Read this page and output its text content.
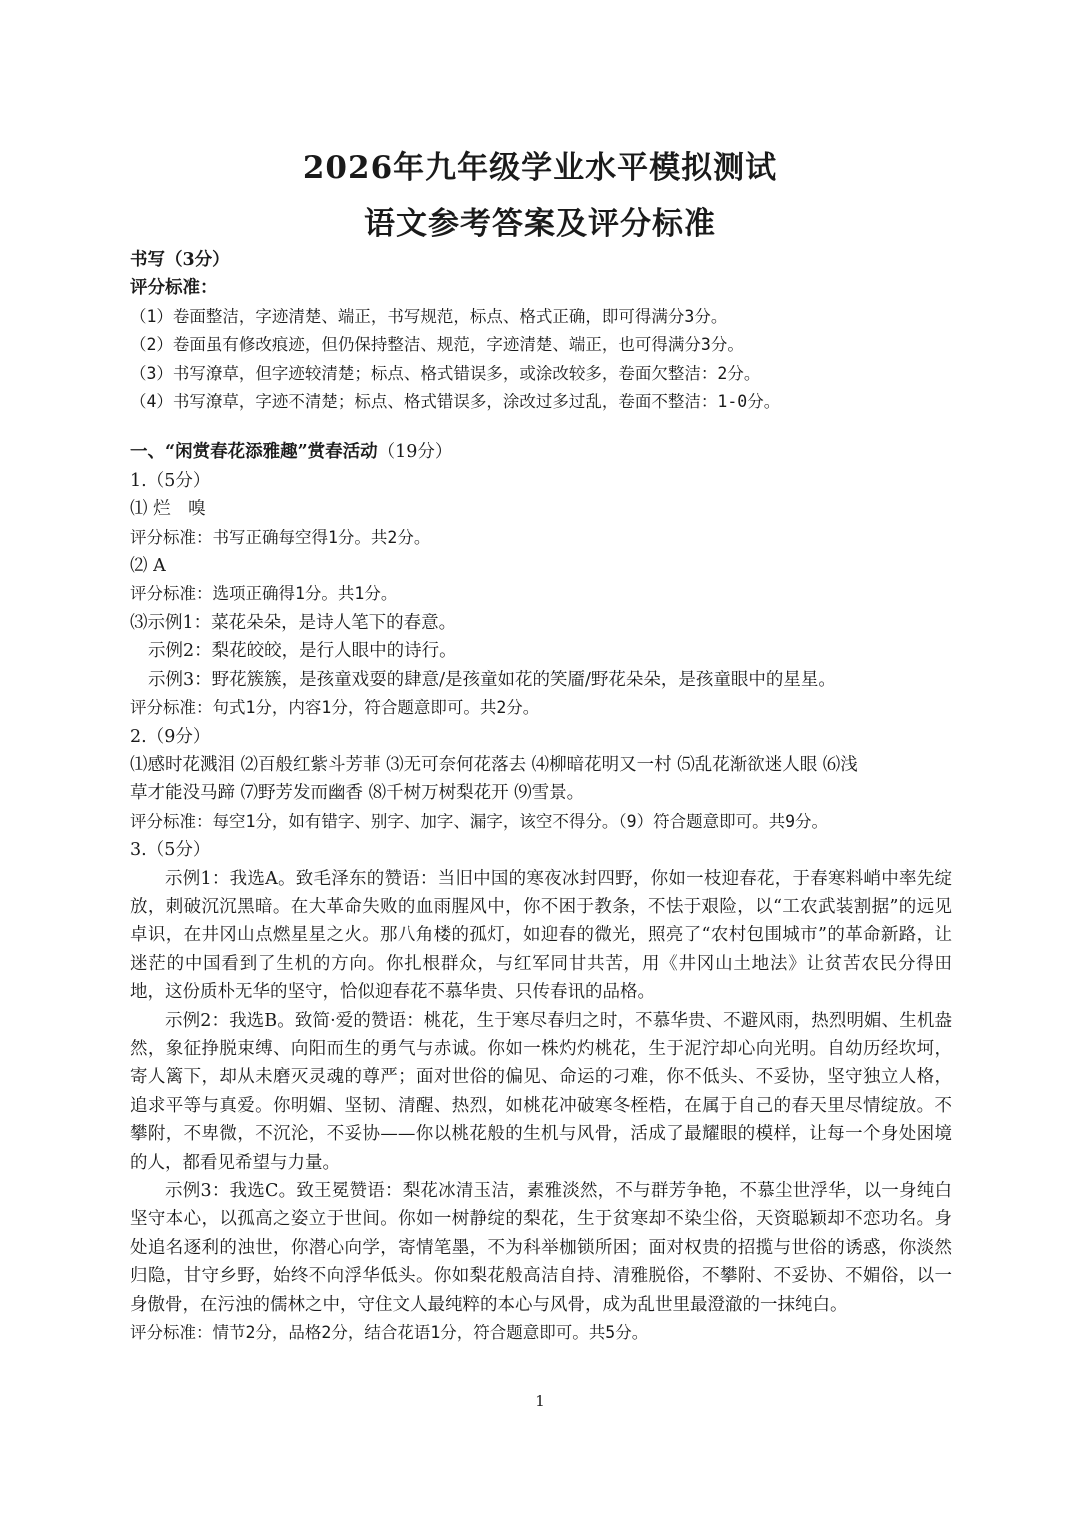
2026年九年级学业水平模拟测试
语文参考答案及评分标准
书写（3分）
评分标准：
（1）卷面整洁，字迹清楚、端正，书写规范，标点、格式正确，即可得满分3分。
（2）卷面虽有修改痕迹，但仍保持整洁、规范，字迹清楚、端正，也可得满分3分。
（3）书写潦草，但字迹较清楚；标点、格式错误多，或涂改较多，卷面欠整洁：2分。
（4）书写潦草，字迹不清楚；标点、格式错误多，涂改过多过乱，卷面不整洁：1-0分。
一、“闲赏春花添雅趣”赏春活动（19分）
1.（5分）
⑴ 烂　嗅
评分标准：书写正确每空得1分。共2分。
⑵ A
评分标准：选项正确得1分。共1分。
⑶示例1：菜花朵朵，是诗人笔下的春意。
示例2：梨花皎皎，是行人眼中的诗行。
示例3：野花簇簇，是孩童戏耍的肆意/是孩童如花的笑靥/野花朵朵，是孩童眼中的星星。
评分标准：句式1分，内容1分，符合题意即可。共2分。
2.（9分）
⑴感时花溅泪 ⑵百般红紫斗芳菲 ⑶无可奈何花落去 ⑷柳暗花明又一村 ⑸乱花渐欲迷人眼 ⑹浅
草才能没马蹄 ⑺野芳发而幽香 ⑻千树万树梨花开 ⑼雪景。
评分标准：每空1分，如有错字、别字、加字、漏字，该空不得分。（9）符合题意即可。共9分。
3.（5分）
示例1：我选A。致毛泽东的赞语：当旧中国的寒夜冰封四野，你如一枝迎春花，于春寒料峭中率先绽放，刺破沉沉黑暗。在大革命失败的血雨腥风中，你不困于教条，不怯于艰险，以“工农武装割据”的远见卓识，在井冈山点燃星星之火。那八角楼的孤灯，如迎春的微光，照亮了“农村包围城市”的革命新路，让迷茫的中国看到了生机的方向。你扎根群众，与红军同甘共苦，用《井冈山土地法》让贫苦农民分得田地，这份质朴无华的坚守，恰似迎春花不慕华贵、只传春讯的品格。
示例2：我选B。致简·爱的赞语：桃花，生于寒尽春归之时，不慕华贵、不避风雨，热烈明媚、生机盎然，象征挣脱束缚、向阳而生的勇气与赤诚。你如一株灼灼桃花，生于泥泞却心向光明。自幼历经坎坷，寄人篱下，却从未磨灭灵魂的尊严；面对世俗的偏见、命运的刁难，你不低头、不妥协，坚守独立人格，追求平等与真爱。你明媚、坚韧、清醒、热烈，如桃花冲破寒冬桎梏，在属于自己的春天里尽情绽放。不攀附，不卑微，不沉沦，不妥协——你以桃花般的生机与风骨，活成了最耀眼的模样，让每一个身处困境的人，都看见希望与力量。
示例3：我选C。致王冕赞语：梨花冰清玉洁，素雅淡然，不与群芳争艳，不慕尘世浮华，以一身纯白坚守本心，以孤高之姿立于世间。你如一树静绽的梨花，生于贫寒却不染尘俗，天资聪颖却不恋功名。身处追名逐利的浊世，你潜心向学，寄情笔墨，不为科举枷锁所困；面对权贵的招揽与世俗的诱惑，你淡然归隐，甘守乡野，始终不向浮华低头。你如梨花般高洁自持、清雅脱俗，不攀附、不妥协、不媚俗，以一身傲骨，在污浊的儒林之中，守住文人最纯粹的本心与风骨，成为乱世里最澄澈的一抹纯白。
评分标准：情节2分，品格2分，结合花语1分，符合题意即可。共5分。
1
